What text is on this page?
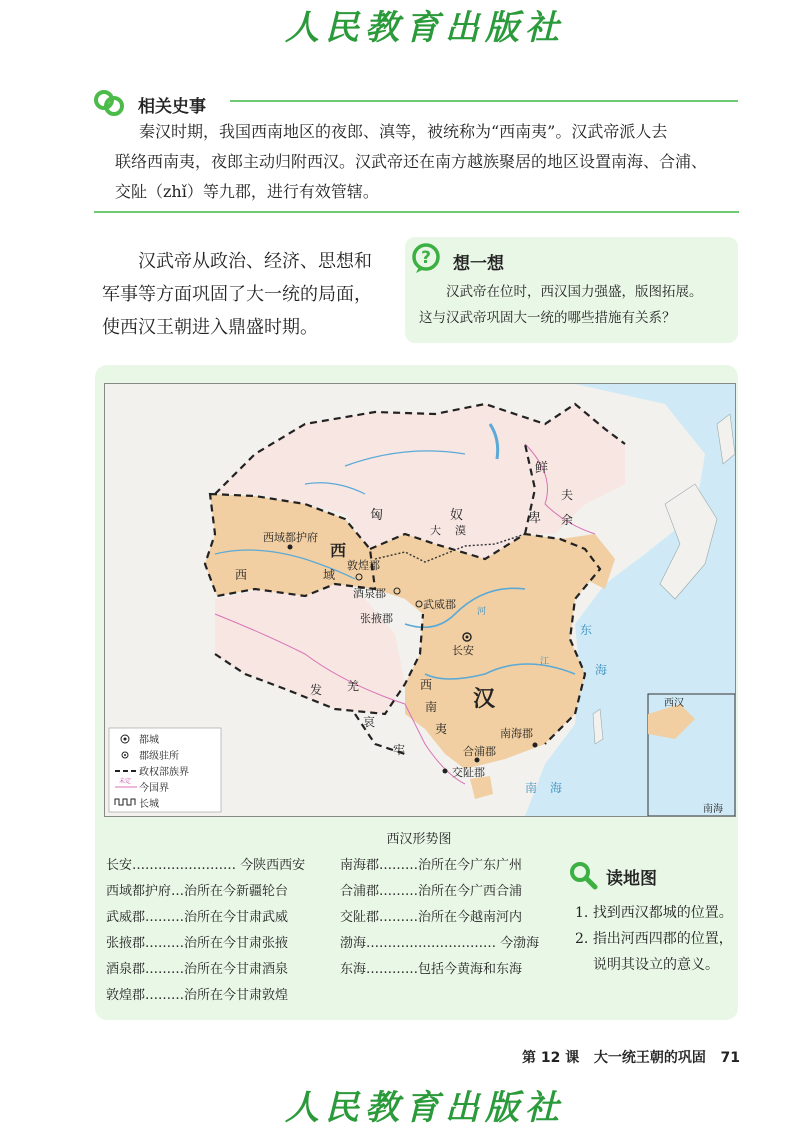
人民教育出版社
相关史事
秦汉时期，我国西南地区的夜郎、滇等，被统称为“西南夷”。汉武帝派人去
联络西南夷，夜郎主动归附西汉。汉武帝还在南方越族聚居的地区设置南海、合浦、
交阯（zhǐ）等九郡，进行有效管辖。
汉武帝从政治、经济、思想和
军事等方面巩固了大一统的局面，
使西汉王朝进入鼎盛时期。
? 想一想
汉武帝在位时，西汉国力强盛，版图拓展。
这与汉武帝巩固大一统的哪些措施有关系？
匈	奴
大 漠
鲜
卑
夫
余
西域都护府
西
西	域
敦煌郡
酒泉郡
武威郡
张掖郡
长安
发 羌
哀
牢
西
南
夷
汉
南海郡
合浦郡
交阯郡
东
海
南 海
河
江
西汉
南海
都城
郡级驻所
政权部族界
未定
今国界
长城
西汉形势图
长安…………………… 今陕西西安
西域都护府…治所在今新疆轮台
武威郡………治所在今甘肃武威
张掖郡………治所在今甘肃张掖
酒泉郡………治所在今甘肃酒泉
敦煌郡………治所在今甘肃敦煌
南海郡………治所在今广东广州
合浦郡………治所在今广西合浦
交阯郡………治所在今越南河内
渤海………………………… 今渤海
东海…………包括今黄海和东海
读地图
1. 找到西汉都城的位置。
2. 指出河西四郡的位置，
说明其设立的意义。
第 12 课 大一统王朝的巩固 71
人民教育出版社
